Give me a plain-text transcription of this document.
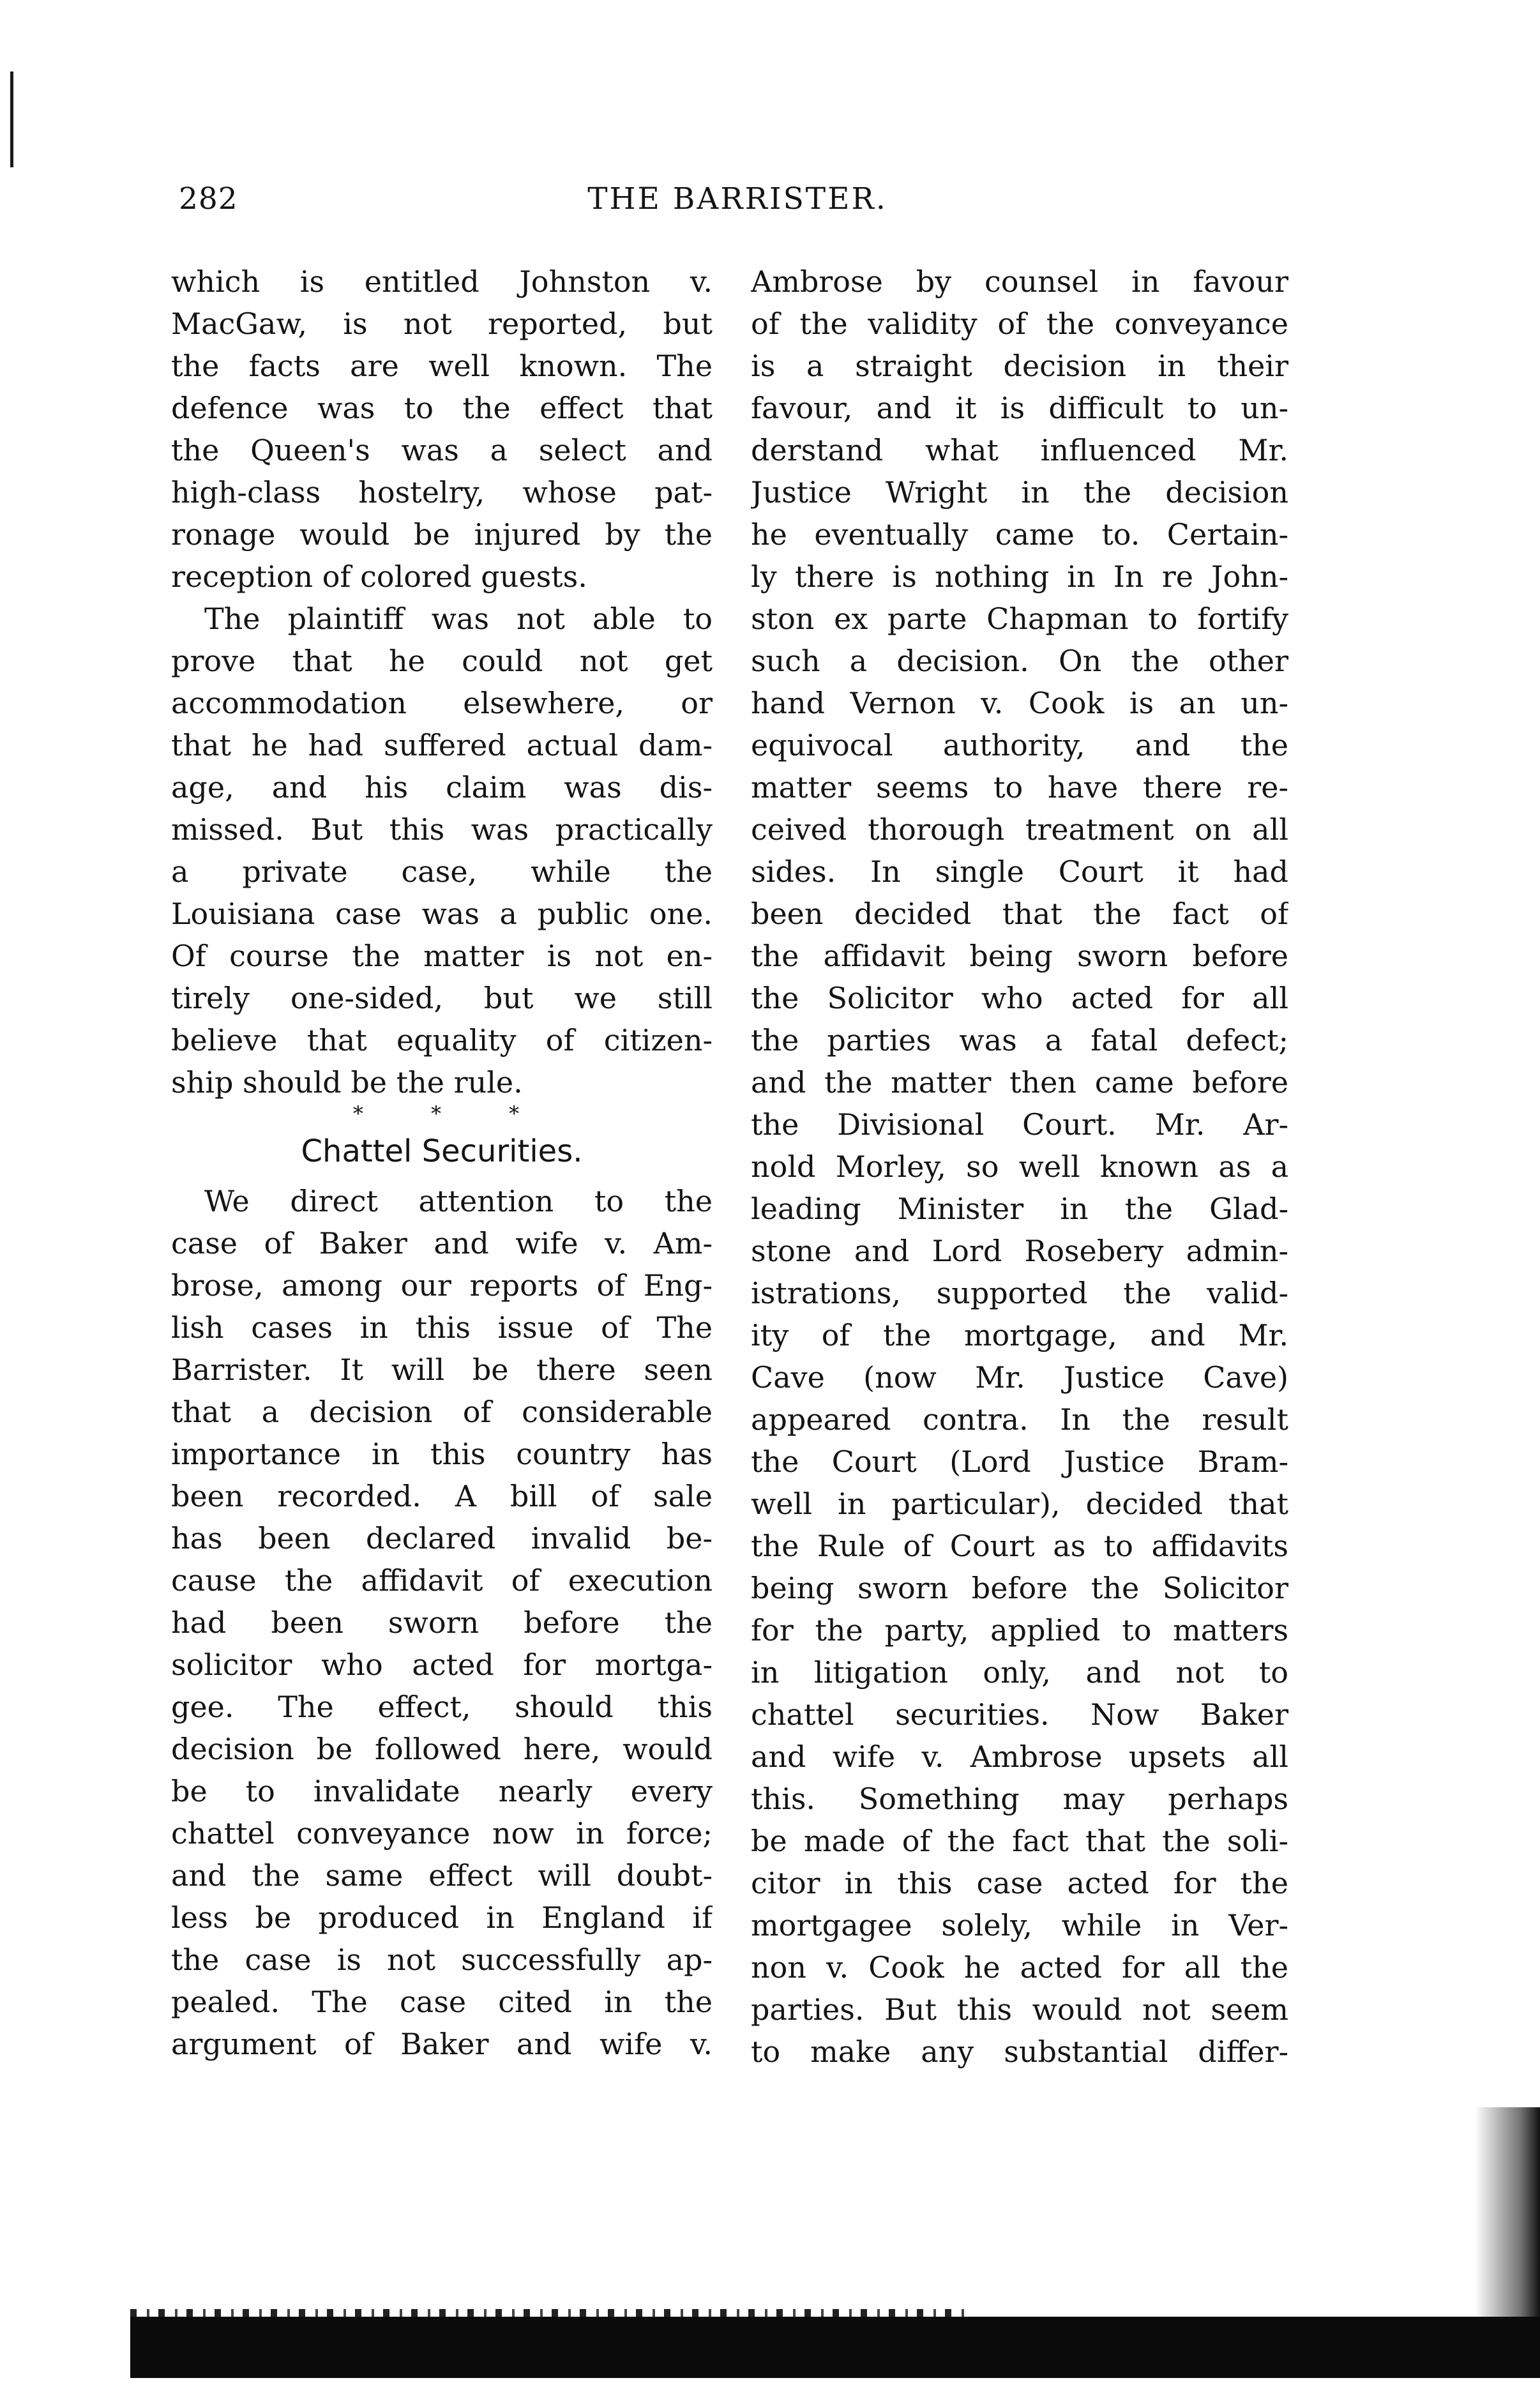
282	THE BARRISTER.
which is entitled Johnston v.
MacGaw, is not reported, but
the facts are well known. The
defence was to the effect that
the Queen's was a select and
high-class hostelry, whose pat-
ronage would be injured by the
reception of colored guests.
The plaintiff was not able to
prove that he could not get
accommodation elsewhere, or
that he had suffered actual dam-
age, and his claim was dis-
missed. But this was practically
a private case, while the
Louisiana case was a public one.
Of course the matter is not en-
tirely one-sided, but we still
believe that equality of citizen-
ship should be the rule.
* * *
Chattel Securities.
We direct attention to the
case of Baker and wife v. Am-
brose, among our reports of Eng-
lish cases in this issue of The
Barrister. It will be there seen
that a decision of considerable
importance in this country has
been recorded. A bill of sale
has been declared invalid be-
cause the affidavit of execution
had been sworn before the
solicitor who acted for mortga-
gee. The effect, should this
decision be followed here, would
be to invalidate nearly every
chattel conveyance now in force;
and the same effect will doubt-
less be produced in England if
the case is not successfully ap-
pealed. The case cited in the
argument of Baker and wife v.
Ambrose by counsel in favour
of the validity of the conveyance
is a straight decision in their
favour, and it is difficult to un-
derstand what influenced Mr.
Justice Wright in the decision
he eventually came to. Certain-
ly there is nothing in In re John-
ston ex parte Chapman to fortify
such a decision. On the other
hand Vernon v. Cook is an un-
equivocal authority, and the
matter seems to have there re-
ceived thorough treatment on all
sides. In single Court it had
been decided that the fact of
the affidavit being sworn before
the Solicitor who acted for all
the parties was a fatal defect;
and the matter then came before
the Divisional Court. Mr. Ar-
nold Morley, so well known as a
leading Minister in the Glad-
stone and Lord Rosebery admin-
istrations, supported the valid-
ity of the mortgage, and Mr.
Cave (now Mr. Justice Cave)
appeared contra. In the result
the Court (Lord Justice Bram-
well in particular), decided that
the Rule of Court as to affidavits
being sworn before the Solicitor
for the party, applied to matters
in litigation only, and not to
chattel securities. Now Baker
and wife v. Ambrose upsets all
this. Something may perhaps
be made of the fact that the soli-
citor in this case acted for the
mortgagee solely, while in Ver-
non v. Cook he acted for all the
parties. But this would not seem
to make any substantial differ-
